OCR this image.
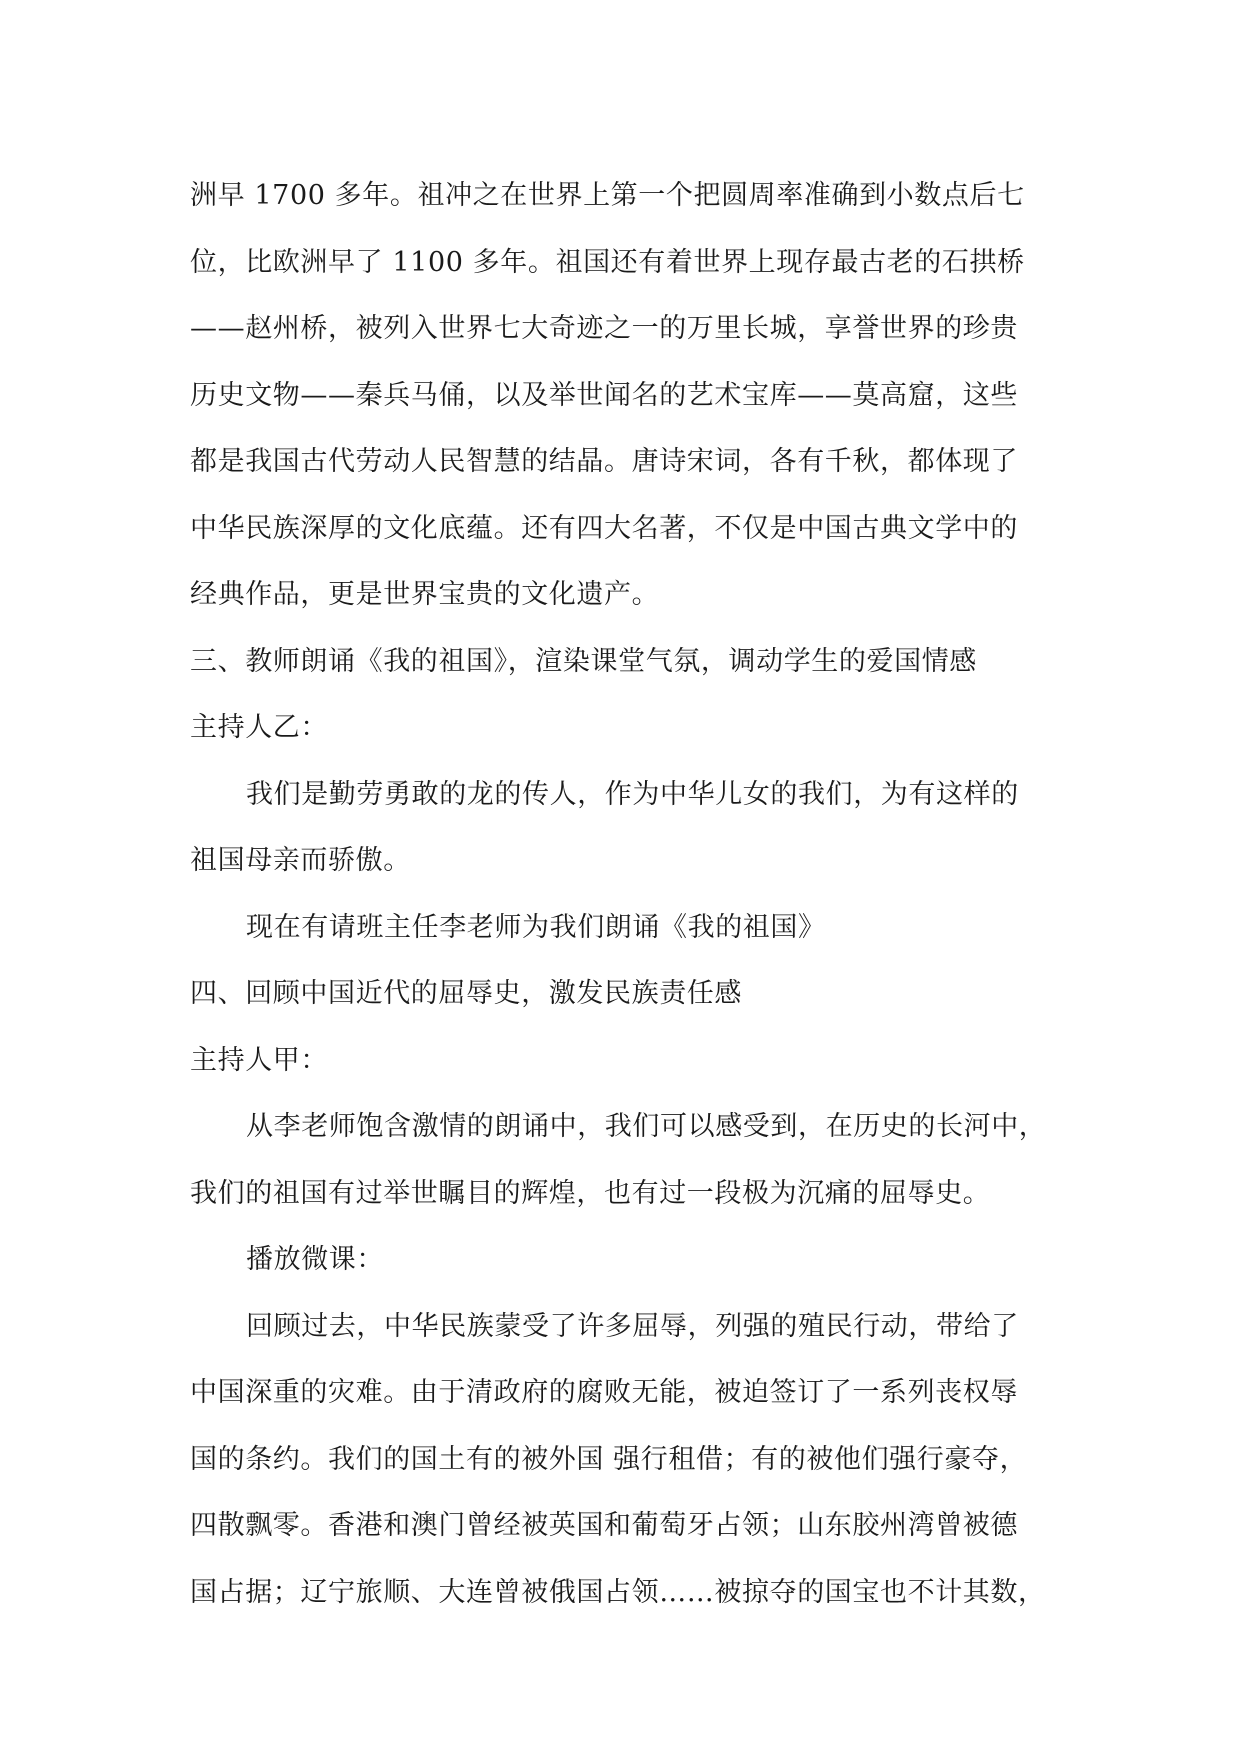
洲早 1700 多年。祖冲之在世界上第一个把圆周率准确到小数点后七
位，比欧洲早了 1100 多年。祖国还有着世界上现存最古老的石拱桥
——赵州桥，被列入世界七大奇迹之一的万里长城，享誉世界的珍贵
历史文物——秦兵马俑，以及举世闻名的艺术宝库——莫高窟，这些
都是我国古代劳动人民智慧的结晶。唐诗宋词，各有千秋，都体现了
中华民族深厚的文化底蕴。还有四大名著，不仅是中国古典文学中的
经典作品，更是世界宝贵的文化遗产。
三、教师朗诵《我的祖国》，渲染课堂气氛，调动学生的爱国情感
主持人乙：
我们是勤劳勇敢的龙的传人，作为中华儿女的我们，为有这样的
祖国母亲而骄傲。
现在有请班主任李老师为我们朗诵《我的祖国》
四、回顾中国近代的屈辱史，激发民族责任感
主持人甲：
从李老师饱含激情的朗诵中，我们可以感受到，在历史的长河中，
我们的祖国有过举世瞩目的辉煌，也有过一段极为沉痛的屈辱史。
播放微课：
回顾过去，中华民族蒙受了许多屈辱，列强的殖民行动，带给了
中国深重的灾难。由于清政府的腐败无能，被迫签订了一系列丧权辱
国的条约。我们的国土有的被外国 强行租借；有的被他们强行豪夺，
四散飘零。香港和澳门曾经被英国和葡萄牙占领；山东胶州湾曾被德
国占据；辽宁旅顺、大连曾被俄国占领……被掠夺的国宝也不计其数，
